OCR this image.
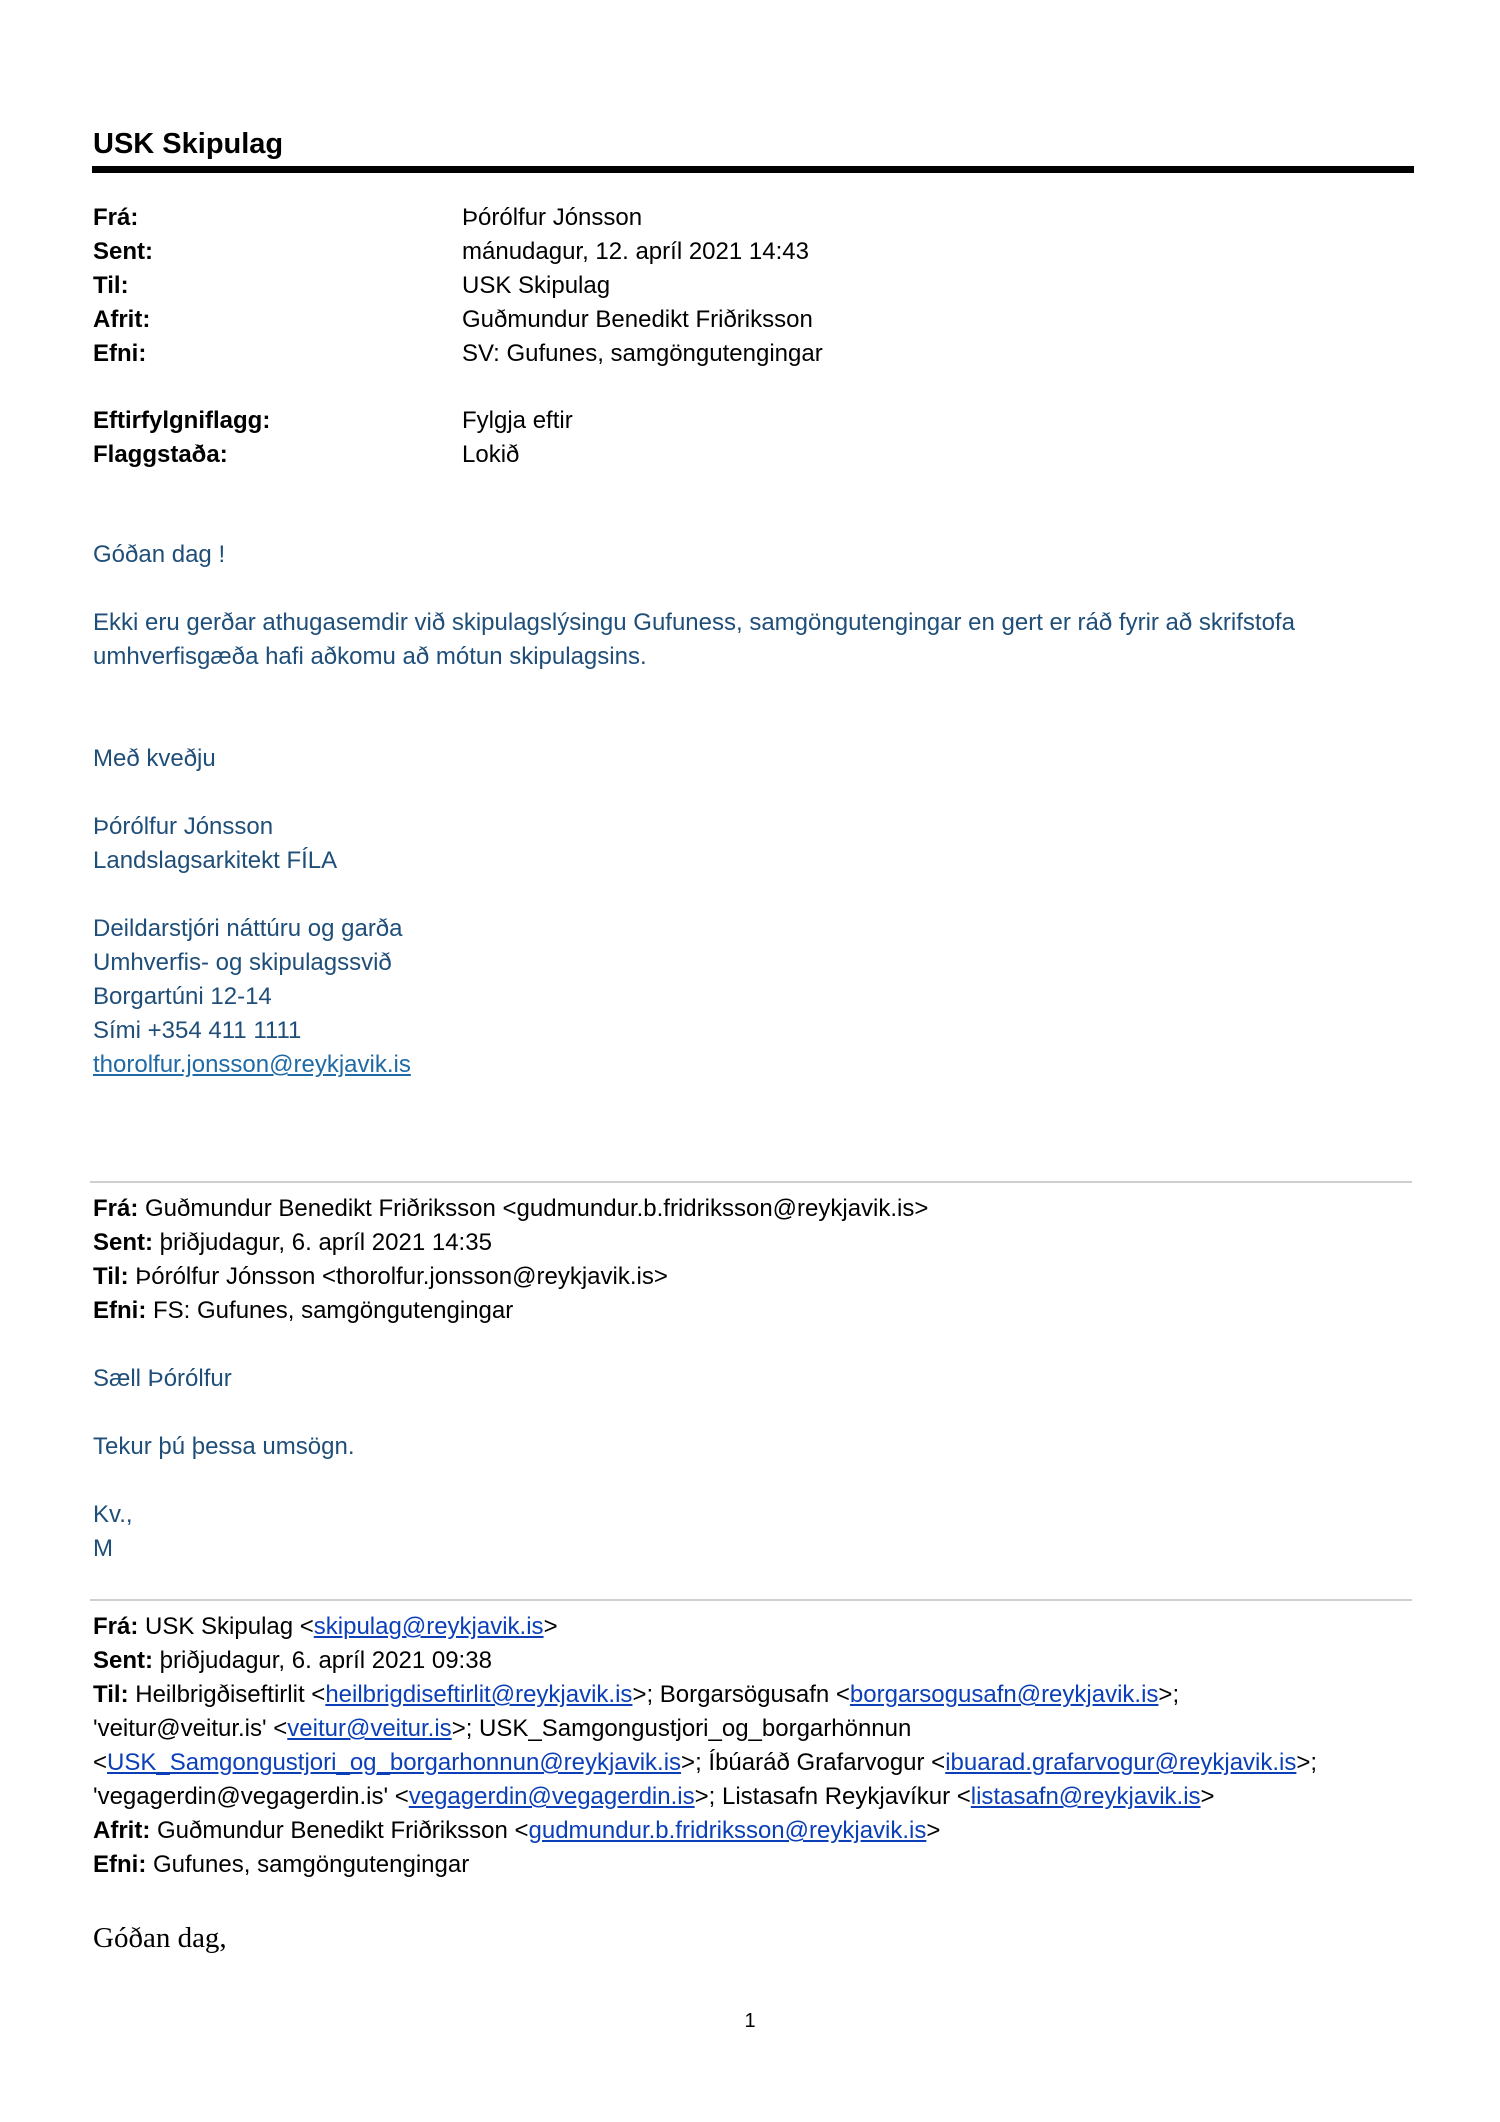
USK Skipulag
Frá:	Þórólfur Jónsson
Sent:	mánudagur, 12. apríl 2021 14:43
Til:	USK Skipulag
Afrit:	Guðmundur Benedikt Friðriksson
Efni:	SV: Gufunes, samgöngutengingar
Eftirfylgniflagg:	Fylgja eftir
Flaggstaða:	Lokið
Góðan dag !
Ekki eru gerðar athugasemdir við skipulagslýsingu Gufuness, samgöngutengingar en gert er ráð fyrir að skrifstofa
umhverfisgæða hafi aðkomu að mótun skipulagsins.
Með kveðju
Þórólfur Jónsson
Landslagsarkitekt FÍLA
Deildarstjóri náttúru og garða
Umhverfis- og skipulagssvið
Borgartúni 12-14
Sími +354 411 1111
thorolfur.jonsson@reykjavik.is
Frá: Guðmundur Benedikt Friðriksson <gudmundur.b.fridriksson@reykjavik.is>
Sent: þriðjudagur, 6. apríl 2021 14:35
Til: Þórólfur Jónsson <thorolfur.jonsson@reykjavik.is>
Efni: FS: Gufunes, samgöngutengingar
Sæll Þórólfur
Tekur þú þessa umsögn.
Kv.,
M
Frá: USK Skipulag <skipulag@reykjavik.is>
Sent: þriðjudagur, 6. apríl 2021 09:38
Til: Heilbrigðiseftirlit <heilbrigdiseftirlit@reykjavik.is>; Borgarsögusafn <borgarsogusafn@reykjavik.is>;
'veitur@veitur.is' <veitur@veitur.is>; USK_Samgongustjori_og_borgarhönnun
<USK_Samgongustjori_og_borgarhonnun@reykjavik.is>; Íbúaráð Grafarvogur <ibuarad.grafarvogur@reykjavik.is>;
'vegagerdin@vegagerdin.is' <vegagerdin@vegagerdin.is>; Listasafn Reykjavíkur <listasafn@reykjavik.is>
Afrit: Guðmundur Benedikt Friðriksson <gudmundur.b.fridriksson@reykjavik.is>
Efni: Gufunes, samgöngutengingar
Góðan dag,
1
